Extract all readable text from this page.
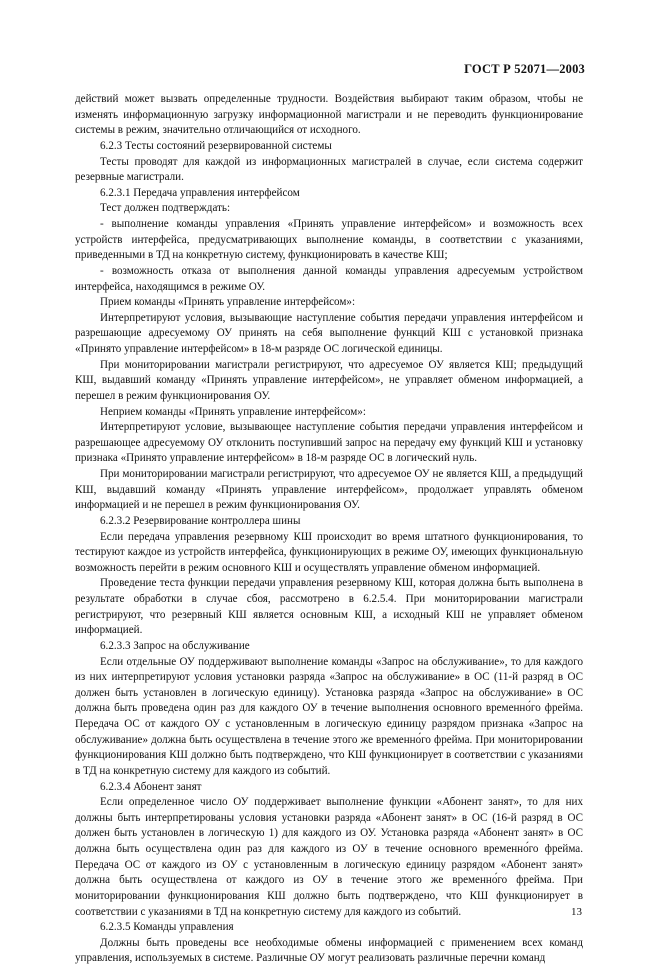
ГОСТ Р 52071—2003

действий может вызвать определенные трудности. Воздействия выбирают таким образом, чтобы не изменять информационную загрузку информационной магистрали и не переводить функционирование системы в режим, значительно отличающийся от исходного.

6.2.3 Тесты состояний резервированной системы

Тесты проводят для каждой из информационных магистралей в случае, если система содержит резервные магистрали.

6.2.3.1 Передача управления интерфейсом

Тест должен подтверждать:

- выполнение команды управления «Принять управление интерфейсом» и возможность всех устройств интерфейса, предусматривающих выполнение команды, в соответствии с указаниями, приведенными в ТД на конкретную систему, функционировать в качестве КШ;

- возможность отказа от выполнения данной команды управления адресуемым устройством интерфейса, находящимся в режиме ОУ.

Прием команды «Принять управление интерфейсом»:

Интерпретируют условия, вызывающие наступление события передачи управления интерфейсом и разрешающие адресуемому ОУ принять на себя выполнение функций КШ с установкой признака «Принято управление интерфейсом» в 18-м разряде ОС логической единицы.

При мониторировании магистрали регистрируют, что адресуемое ОУ является КШ; предыдущий КШ, выдавший команду «Принять управление интерфейсом», не управляет обменом информацией, а перешел в режим функционирования ОУ.

Неприем команды «Принять управление интерфейсом»:

Интерпретируют условие, вызывающее наступление события передачи управления интерфейсом и разрешающее адресуемому ОУ отклонить поступивший запрос на передачу ему функций КШ и установку признака «Принято управление интерфейсом» в 18-м разряде ОС в логический нуль.

При мониторировании магистрали регистрируют, что адресуемое ОУ не является КШ, а предыдущий КШ, выдавший команду «Принять управление интерфейсом», продолжает управлять обменом информацией и не перешел в режим функционирования ОУ.

6.2.3.2 Резервирование контроллера шины

Если передача управления резервному КШ происходит во время штатного функционирования, то тестируют каждое из устройств интерфейса, функционирующих в режиме ОУ, имеющих функциональную возможность перейти в режим основного КШ и осуществлять управление обменом информацией.

Проведение теста функции передачи управления резервному КШ, которая должна быть выполнена в результате обработки в случае сбоя, рассмотрено в 6.2.5.4. При мониторировании магистрали регистрируют, что резервный КШ является основным КШ, а исходный КШ не управляет обменом информацией.

6.2.3.3 Запрос на обслуживание

Если отдельные ОУ поддерживают выполнение команды «Запрос на обслуживание», то для каждого из них интерпретируют условия установки разряда «Запрос на обслуживание» в ОС (11-й разряд в ОС должен быть установлен в логическую единицу). Установка разряда «Запрос на обслуживание» в ОС должна быть проведена один раз для каждого ОУ в течение выполнения основного временно́го фрейма. Передача ОС от каждого ОУ с установленным в логическую единицу разрядом признака «Запрос на обслуживание» должна быть осуществлена в течение этого же временно́го фрейма. При мониторировании функционирования КШ должно быть подтверждено, что КШ функционирует в соответствии с указаниями в ТД на конкретную систему для каждого из событий.

6.2.3.4 Абонент занят

Если определенное число ОУ поддерживает выполнение функции «Абонент занят», то для них должны быть интерпретированы условия установки разряда «Абонент занят» в ОС (16-й разряд в ОС должен быть установлен в логическую 1) для каждого из ОУ. Установка разряда «Абонент занят» в ОС должна быть осуществлена один раз для каждого из ОУ в течение основного временно́го фрейма. Передача ОС от каждого из ОУ с установленным в логическую единицу разрядом «Абонент занят» должна быть осуществлена от каждого из ОУ в течение этого же временно́го фрейма. При мониторировании функционирования КШ должно быть подтверждено, что КШ функционирует в соответствии с указаниями в ТД на конкретную систему для каждого из событий.

6.2.3.5 Команды управления

Должны быть проведены все необходимые обмены информацией с применением всех команд управления, используемых в системе. Различные ОУ могут реализовать различные перечни команд

13
